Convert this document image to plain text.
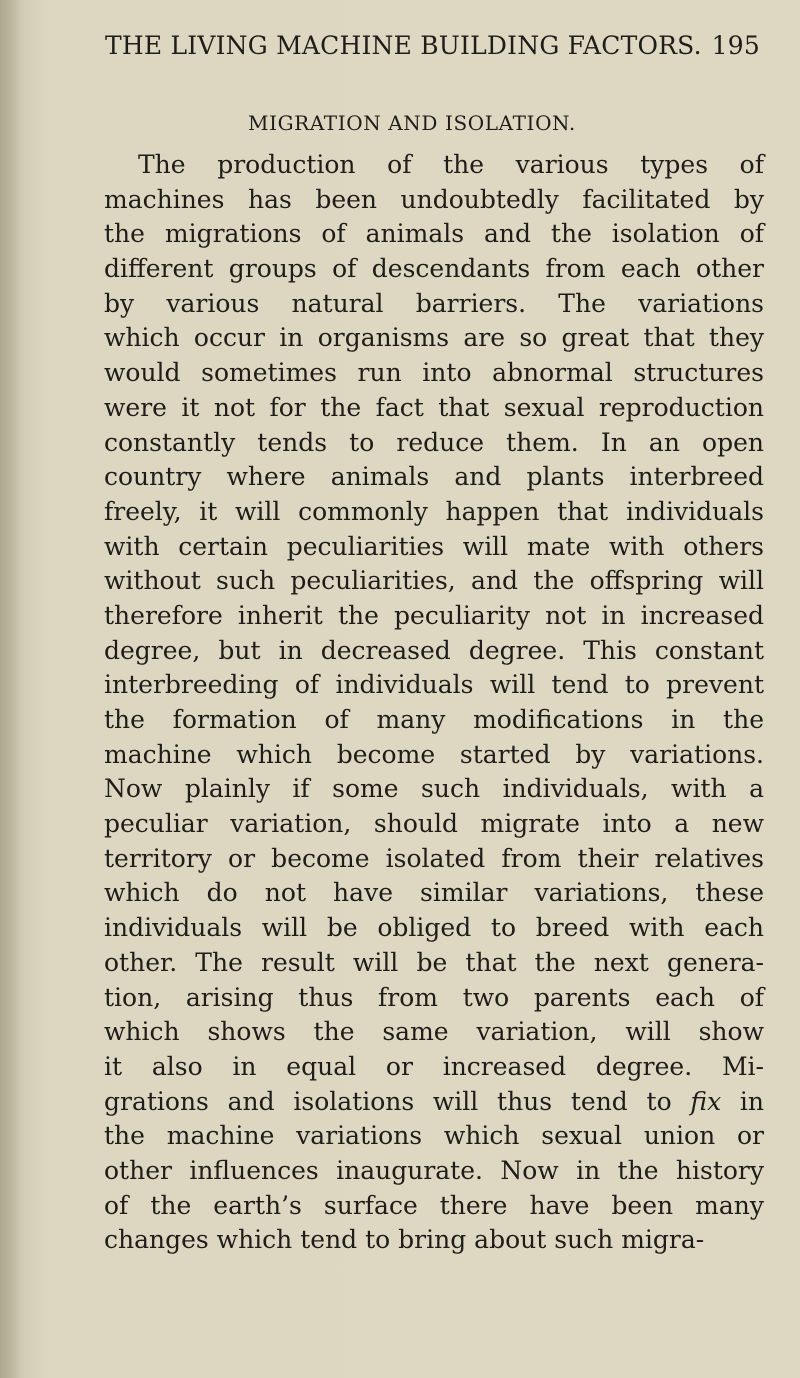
THE LIVING MACHINE BUILDING FACTORS. 195
MIGRATION AND ISOLATION.
The production of the various types of
machines has been undoubtedly facilitated by
the migrations of animals and the isolation of
different groups of descendants from each other
by various natural barriers. The variations
which occur in organisms are so great that they
would sometimes run into abnormal structures
were it not for the fact that sexual reproduction
constantly tends to reduce them. In an open
country where animals and plants interbreed
freely, it will commonly happen that individuals
with certain peculiarities will mate with others
without such peculiarities, and the offspring will
therefore inherit the peculiarity not in increased
degree, but in decreased degree. This constant
interbreeding of individuals will tend to prevent
the formation of many modifications in the
machine which become started by variations.
Now plainly if some such individuals, with a
peculiar variation, should migrate into a new
territory or become isolated from their relatives
which do not have similar variations, these
individuals will be obliged to breed with each
other. The result will be that the next genera-
tion, arising thus from two parents each of
which shows the same variation, will show
it also in equal or increased degree. Mi-
grations and isolations will thus tend to fix in
the machine variations which sexual union or
other influences inaugurate. Now in the history
of the earth’s surface there have been many
changes which tend to bring about such migra-
